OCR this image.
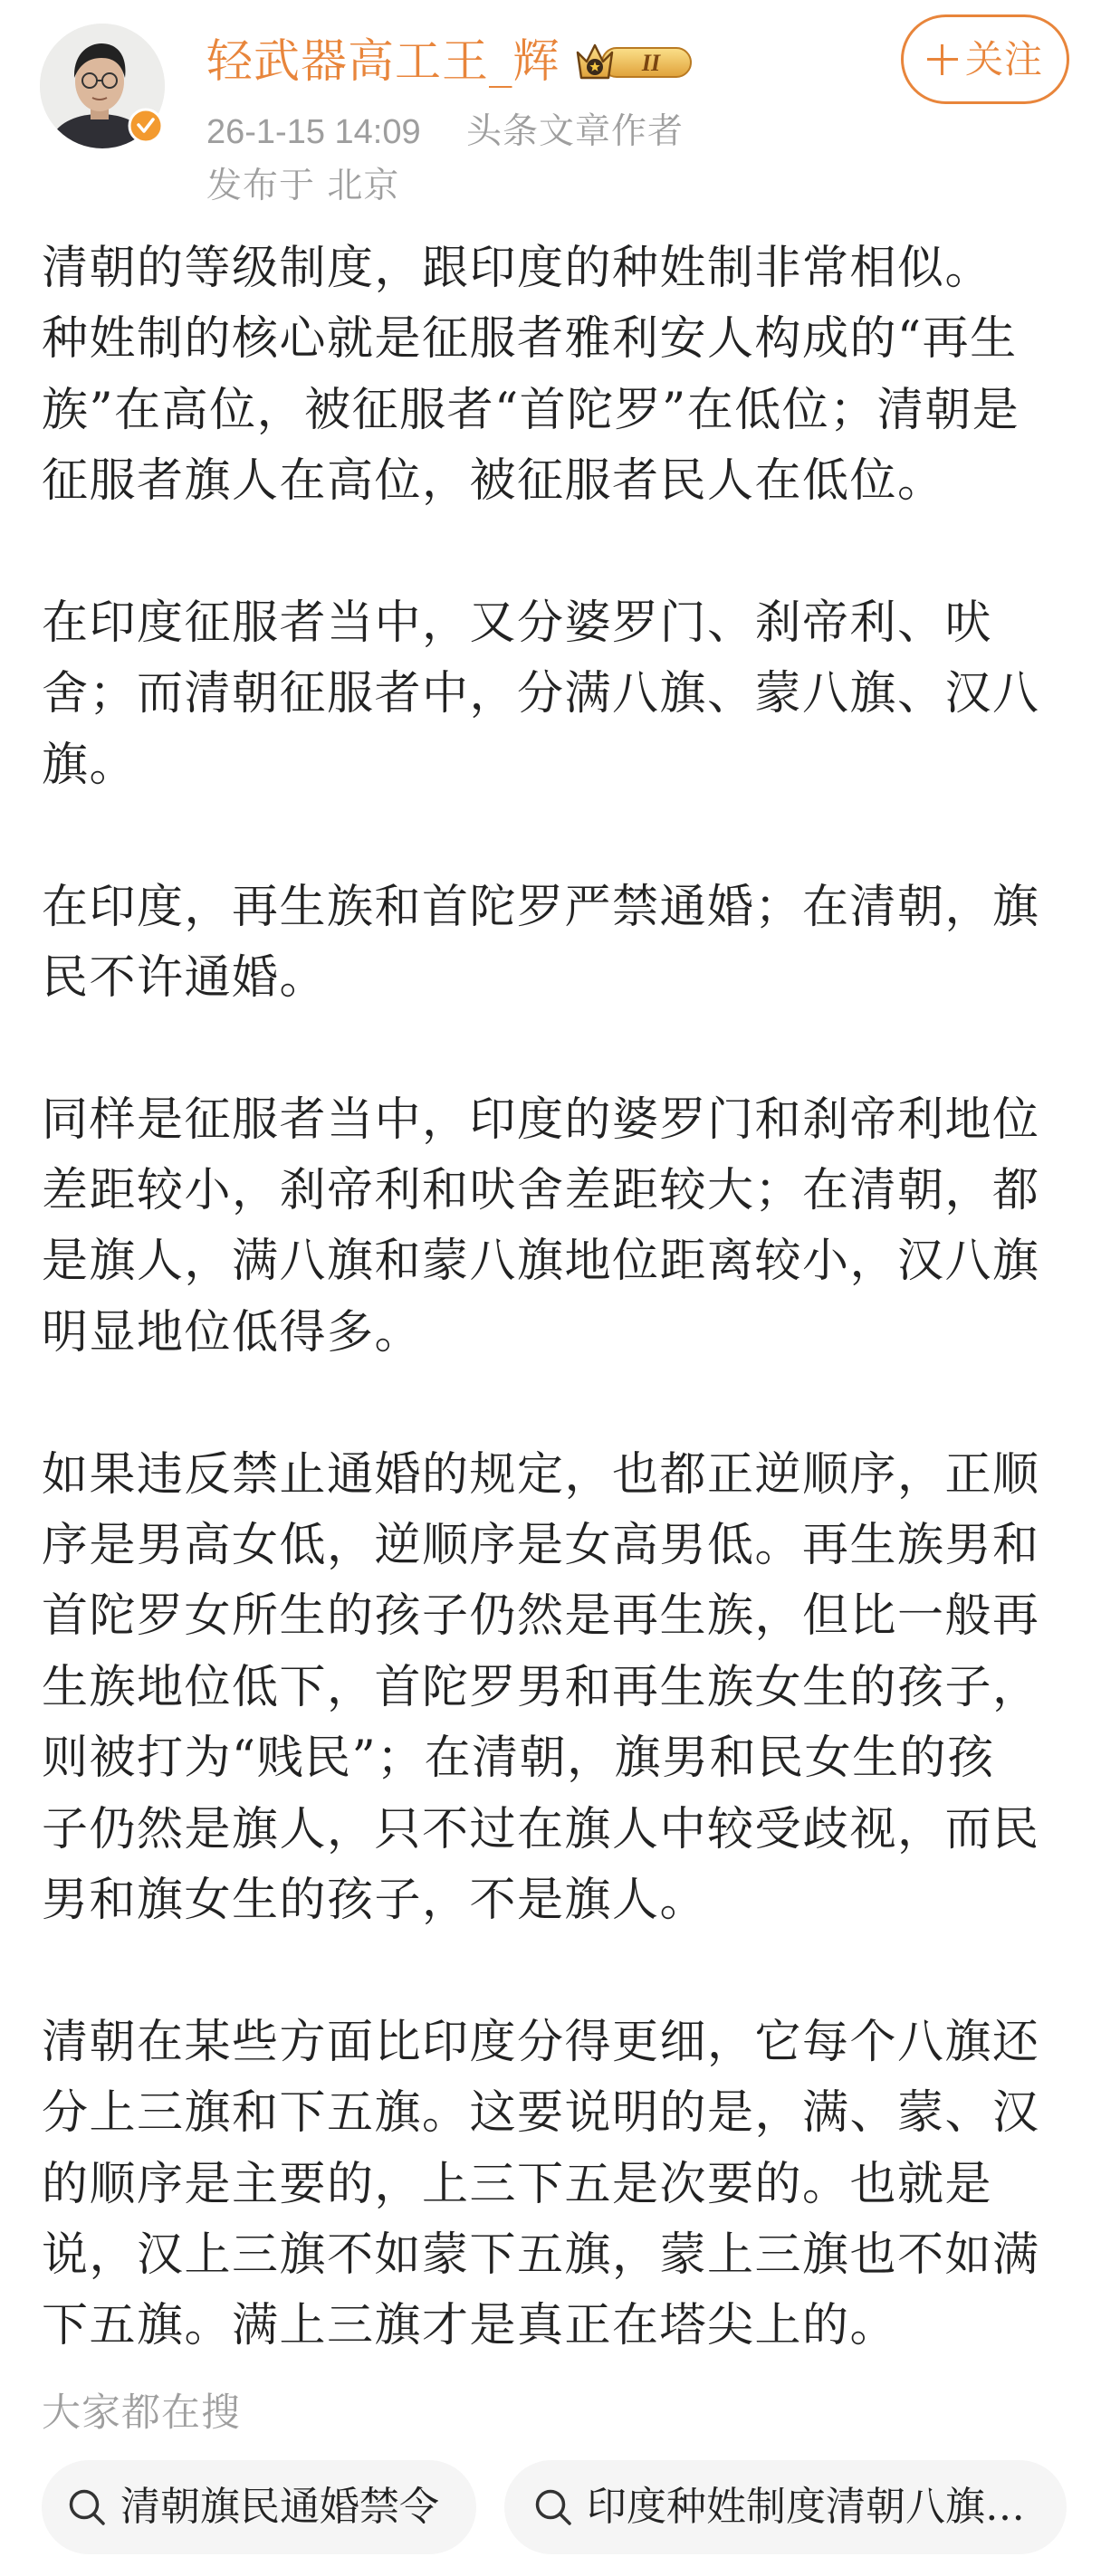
轻武器高工王_辉	II
26-1-15 14:09 头条文章作者
发布于 北京
关注
清朝的等级制度，跟印度的种姓制非常相似。
种姓制的核心就是征服者雅利安人构成的“再生
族”在高位，被征服者“首陀罗”在低位；清朝是
征服者旗人在高位，被征服者民人在低位。
在印度征服者当中，又分婆罗门、刹帝利、吠
舍；而清朝征服者中，分满八旗、蒙八旗、汉八
旗。
在印度，再生族和首陀罗严禁通婚；在清朝，旗
民不许通婚。
同样是征服者当中，印度的婆罗门和刹帝利地位
差距较小，刹帝利和吠舍差距较大；在清朝，都
是旗人，满八旗和蒙八旗地位距离较小，汉八旗
明显地位低得多。
如果违反禁止通婚的规定，也都正逆顺序，正顺
序是男高女低，逆顺序是女高男低。再生族男和
首陀罗女所生的孩子仍然是再生族，但比一般再
生族地位低下，首陀罗男和再生族女生的孩子，
则被打为“贱民”；在清朝，旗男和民女生的孩
子仍然是旗人，只不过在旗人中较受歧视，而民
男和旗女生的孩子，不是旗人。
清朝在某些方面比印度分得更细，它每个八旗还
分上三旗和下五旗。这要说明的是，满、蒙、汉
的顺序是主要的，上三下五是次要的。也就是
说，汉上三旗不如蒙下五旗，蒙上三旗也不如满
下五旗。满上三旗才是真正在塔尖上的。
大家都在搜
清朝旗民通婚禁令	印度种姓制度清朝八旗…
